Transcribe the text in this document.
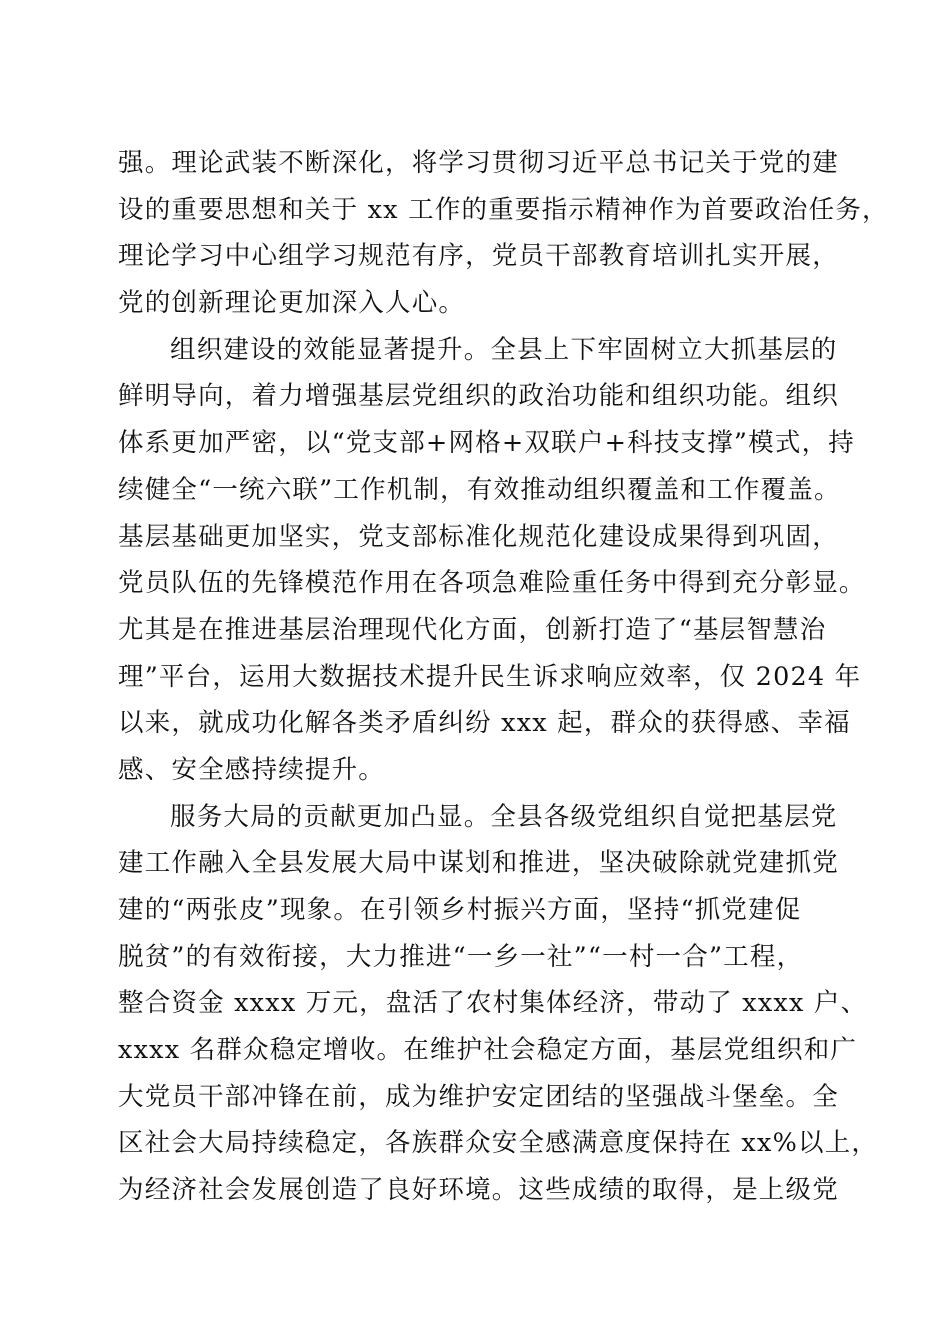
强。理论武装不断深化，将学习贯彻习近平总书记关于党的建
设的重要思想和关于 xx 工作的重要指示精神作为首要政治任务，
理论学习中心组学习规范有序，党员干部教育培训扎实开展，
党的创新理论更加深入人心。
组织建设的效能显著提升。全县上下牢固树立大抓基层的
鲜明导向，着力增强基层党组织的政治功能和组织功能。组织
体系更加严密，以“党支部+网格+双联户+科技支撑”模式，持
续健全“一统六联”工作机制，有效推动组织覆盖和工作覆盖。
基层基础更加坚实，党支部标准化规范化建设成果得到巩固，
党员队伍的先锋模范作用在各项急难险重任务中得到充分彰显。
尤其是在推进基层治理现代化方面，创新打造了“基层智慧治
理”平台，运用大数据技术提升民生诉求响应效率，仅 2024 年
以来，就成功化解各类矛盾纠纷 xxx 起，群众的获得感、幸福
感、安全感持续提升。
服务大局的贡献更加凸显。全县各级党组织自觉把基层党
建工作融入全县发展大局中谋划和推进，坚决破除就党建抓党
建的“两张皮”现象。在引领乡村振兴方面，坚持“抓党建促
脱贫”的有效衔接，大力推进“一乡一社”“一村一合”工程，
整合资金 xxxx 万元，盘活了农村集体经济，带动了 xxxx 户、
xxxx 名群众稳定增收。在维护社会稳定方面，基层党组织和广
大党员干部冲锋在前，成为维护安定团结的坚强战斗堡垒。全
区社会大局持续稳定，各族群众安全感满意度保持在 xx%以上，
为经济社会发展创造了良好环境。这些成绩的取得，是上级党
